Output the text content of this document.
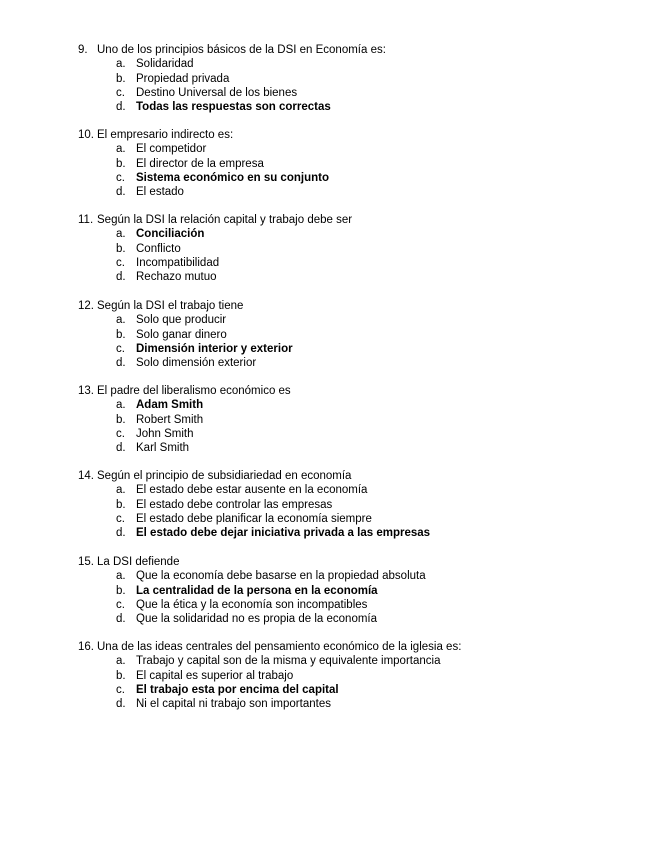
9. Uno de los principios básicos de la DSI en Economía es:
a. Solidaridad
b. Propiedad privada
c. Destino Universal de los bienes
d. Todas las respuestas son correctas
10. El empresario indirecto es:
a. El competidor
b. El director de la empresa
c. Sistema económico en su conjunto
d. El estado
11. Según la DSI la relación capital y trabajo debe ser
a. Conciliación
b. Conflicto
c. Incompatibilidad
d. Rechazo mutuo
12. Según la DSI el trabajo tiene
a. Solo que producir
b. Solo ganar dinero
c. Dimensión interior y exterior
d. Solo dimensión exterior
13. El padre del liberalismo económico es
a. Adam Smith
b. Robert Smith
c. John Smith
d. Karl Smith
14. Según el principio de subsidiariedad en economía
a. El estado debe estar ausente en la economía
b. El estado debe controlar las empresas
c. El estado debe planificar la economía siempre
d. El estado debe dejar iniciativa privada a las empresas
15. La DSI defiende
a. Que la economía debe basarse en la propiedad absoluta
b. La centralidad de la persona en la economía
c. Que la ética y la economía son incompatibles
d. Que la solidaridad no es propia de la economía
16. Una de las ideas centrales del pensamiento económico de la iglesia es:
a. Trabajo y capital son de la misma y equivalente importancia
b. El capital es superior al trabajo
c. El trabajo esta por encima del capital
d. Ni el capital ni trabajo son importantes
